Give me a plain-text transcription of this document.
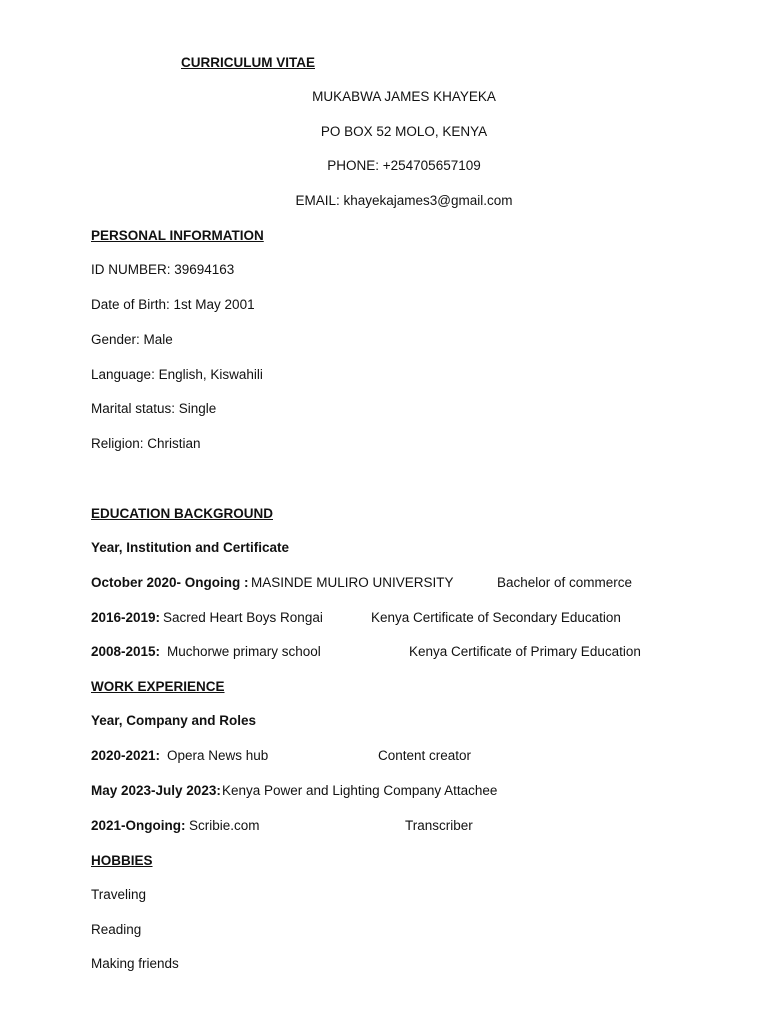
CURRICULUM VITAE
MUKABWA JAMES KHAYEKA
PO BOX 52 MOLO, KENYA
PHONE: +254705657109
EMAIL: khayekajames3@gmail.com
PERSONAL INFORMATION
ID NUMBER: 39694163
Date of Birth: 1st May 2001
Gender: Male
Language: English, Kiswahili
Marital status: Single
Religion: Christian
EDUCATION BACKGROUND
Year, Institution and Certificate
October 2020- Ongoing : MASINDE MULIRO UNIVERSITY	Bachelor of commerce
2016-2019: Sacred Heart Boys Rongai	Kenya Certificate of Secondary Education
2008-2015: Muchorwe primary school	Kenya Certificate of Primary Education
WORK EXPERIENCE
Year, Company and Roles
2020-2021: Opera News hub	Content creator
May 2023-July 2023: Kenya Power and Lighting Company Attachee
2021-Ongoing: Scribie.com	Transcriber
HOBBIES
Traveling
Reading
Making friends
